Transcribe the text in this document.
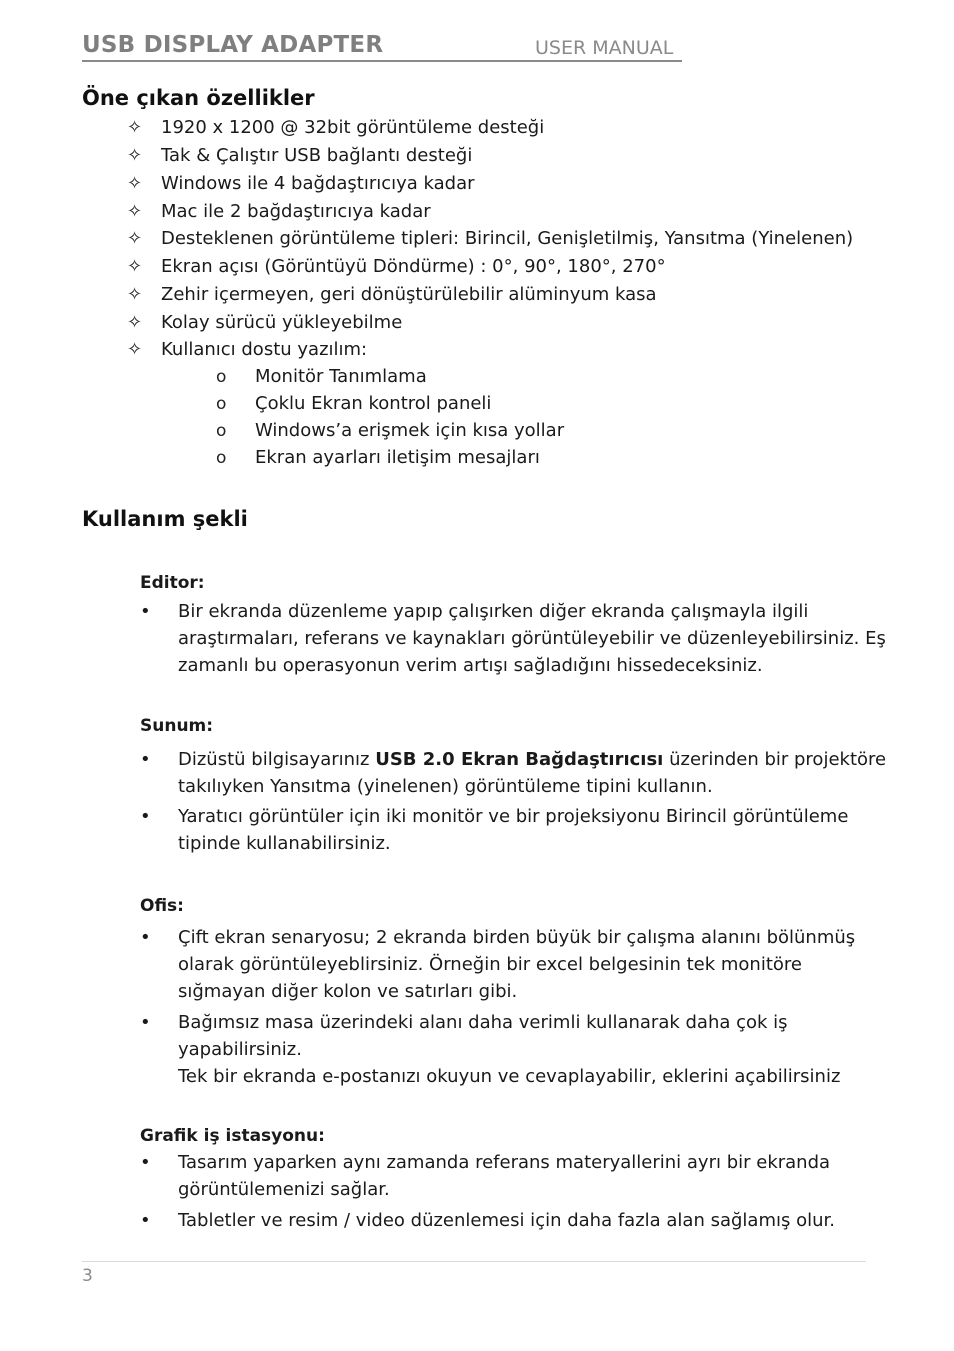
USB DISPLAY ADAPTER	USER MANUAL
Öne çıkan özellikler
✧ 1920 x 1200 @ 32bit görüntüleme desteği
✧ Tak & Çalıştır USB bağlantı desteği
✧ Windows ile 4 bağdaştırıcıya kadar
✧ Mac ile 2 bağdaştırıcıya kadar
✧ Desteklenen görüntüleme tipleri: Birincil, Genişletilmiş, Yansıtma (Yinelenen)
✧ Ekran açısı (Görüntüyü Döndürme) : 0°, 90°, 180°, 270°
✧ Zehir içermeyen, geri dönüştürülebilir alüminyum kasa
✧ Kolay sürücü yükleyebilme
✧ Kullanıcı dostu yazılım:
o Monitör Tanımlama
o Çoklu Ekran kontrol paneli
o Windows’a erişmek için kısa yollar
o Ekran ayarları iletişim mesajları
Kullanım şekli
Editor:
•	Bir ekranda düzenleme yapıp çalışırken diğer ekranda çalışmayla ilgili
araştırmaları, referans ve kaynakları görüntüleyebilir ve düzenleyebilirsiniz. Eş
zamanlı bu operasyonun verim artışı sağladığını hissedeceksiniz.
Sunum:
•	Dizüstü bilgisayarınız USB 2.0 Ekran Bağdaştırıcısı üzerinden bir projektöre
takılıyken Yansıtma (yinelenen) görüntüleme tipini kullanın.
•	Yaratıcı görüntüler için iki monitör ve bir projeksiyonu Birincil görüntüleme
tipinde kullanabilirsiniz.
Ofis:
•	Çift ekran senaryosu; 2 ekranda birden büyük bir çalışma alanını bölünmüş
olarak görüntüleyeblirsiniz. Örneğin bir excel belgesinin tek monitöre
sığmayan diğer kolon ve satırları gibi.
•	Bağımsız masa üzerindeki alanı daha verimli kullanarak daha çok iş
yapabilirsiniz.
Tek bir ekranda e-postanızı okuyun ve cevaplayabilir, eklerini açabilirsiniz
Grafik iş istasyonu:
•	Tasarım yaparken aynı zamanda referans materyallerini ayrı bir ekranda
görüntülemenizi sağlar.
•	Tabletler ve resim / video düzenlemesi için daha fazla alan sağlamış olur.
3
